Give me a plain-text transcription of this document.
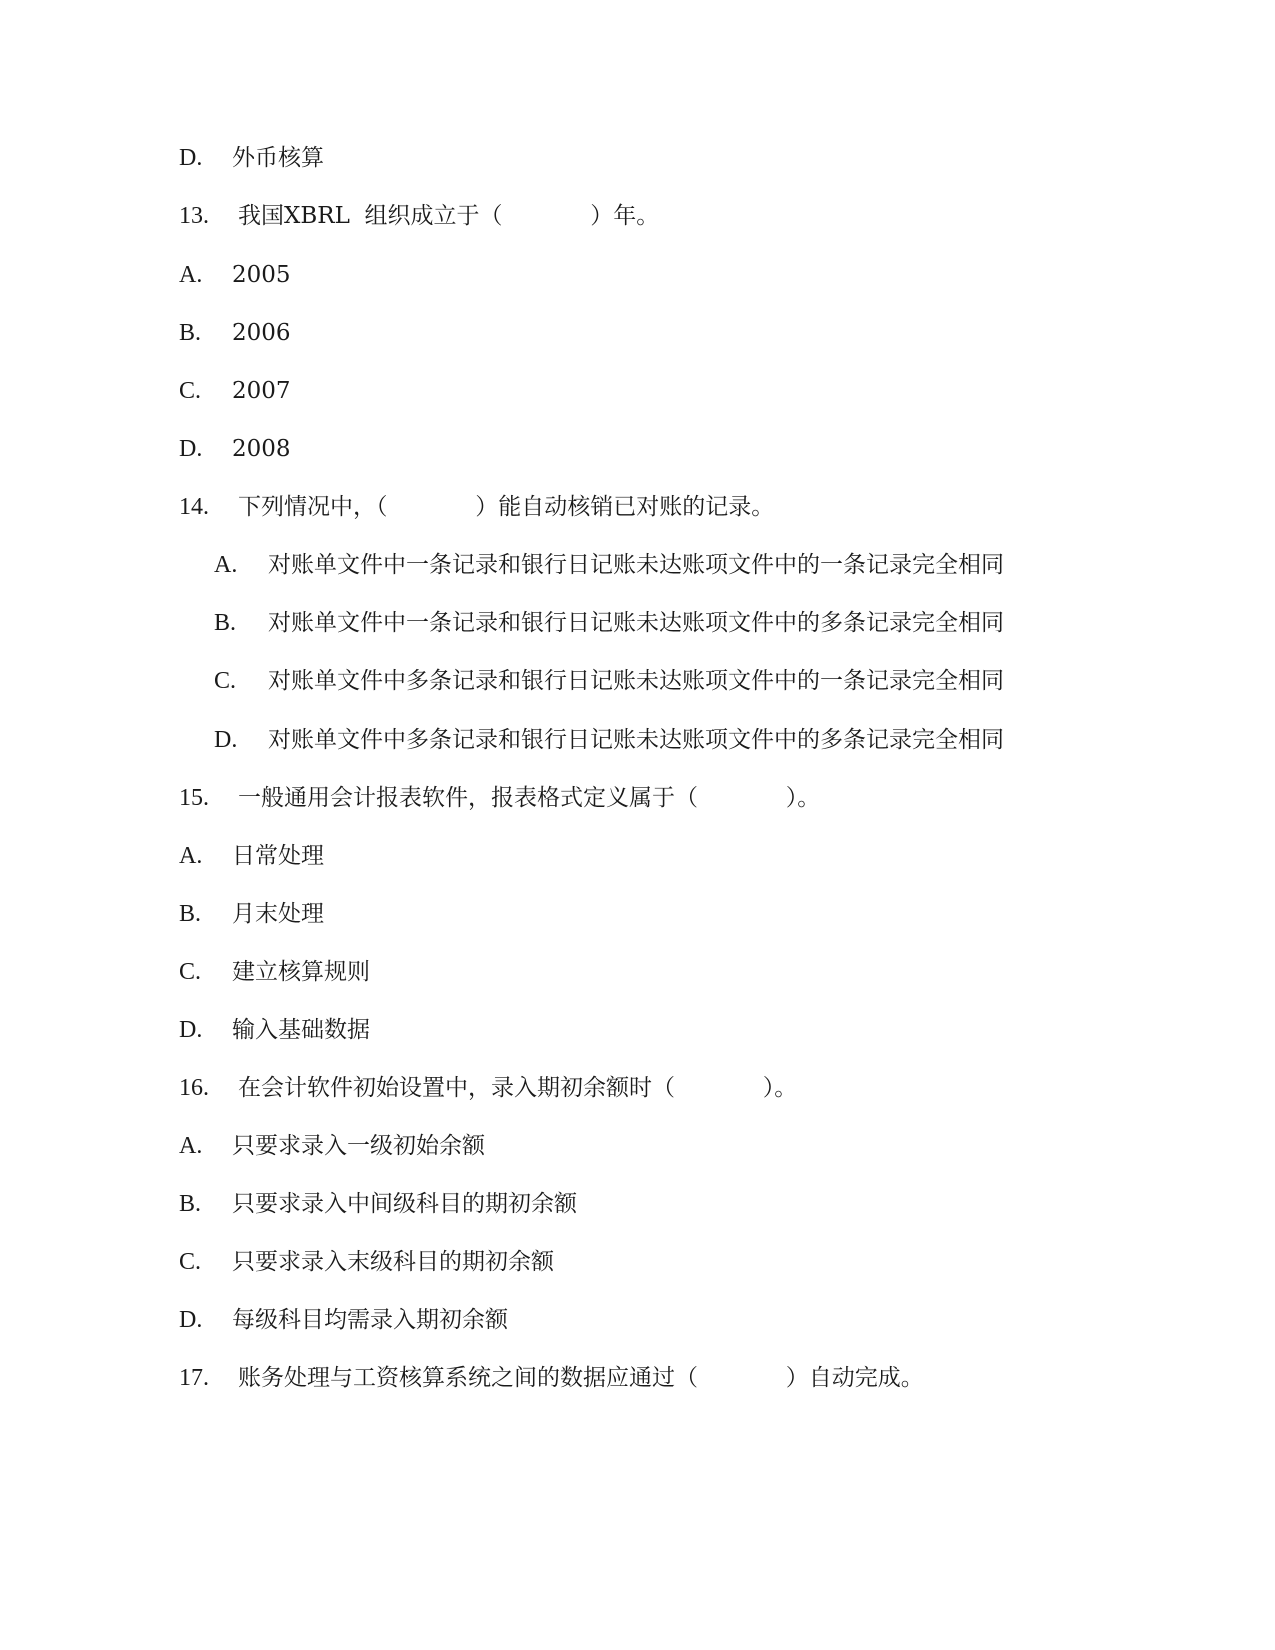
D.

外币核算

13.

我国XBRL  组织成立于（            ）年。

A.

2005

B.

2006

C.

2007

D.

2008

14.

下列情况中，（            ）能自动核销已对账的记录。

A.

对账单文件中一条记录和银行日记账未达账项文件中的一条记录完全相同

B.

对账单文件中一条记录和银行日记账未达账项文件中的多条记录完全相同

C.

对账单文件中多条记录和银行日记账未达账项文件中的一条记录完全相同

D.

对账单文件中多条记录和银行日记账未达账项文件中的多条记录完全相同

15.

一般通用会计报表软件，报表格式定义属于（            ）。

A.

日常处理

B.

月末处理

C.

建立核算规则

D.

输入基础数据

16.

在会计软件初始设置中，录入期初余额时（            ）。

A.

只要求录入一级初始余额

B.

只要求录入中间级科目的期初余额

C.

只要求录入末级科目的期初余额

D.

每级科目均需录入期初余额

17.

账务处理与工资核算系统之间的数据应通过（            ）自动完成。
